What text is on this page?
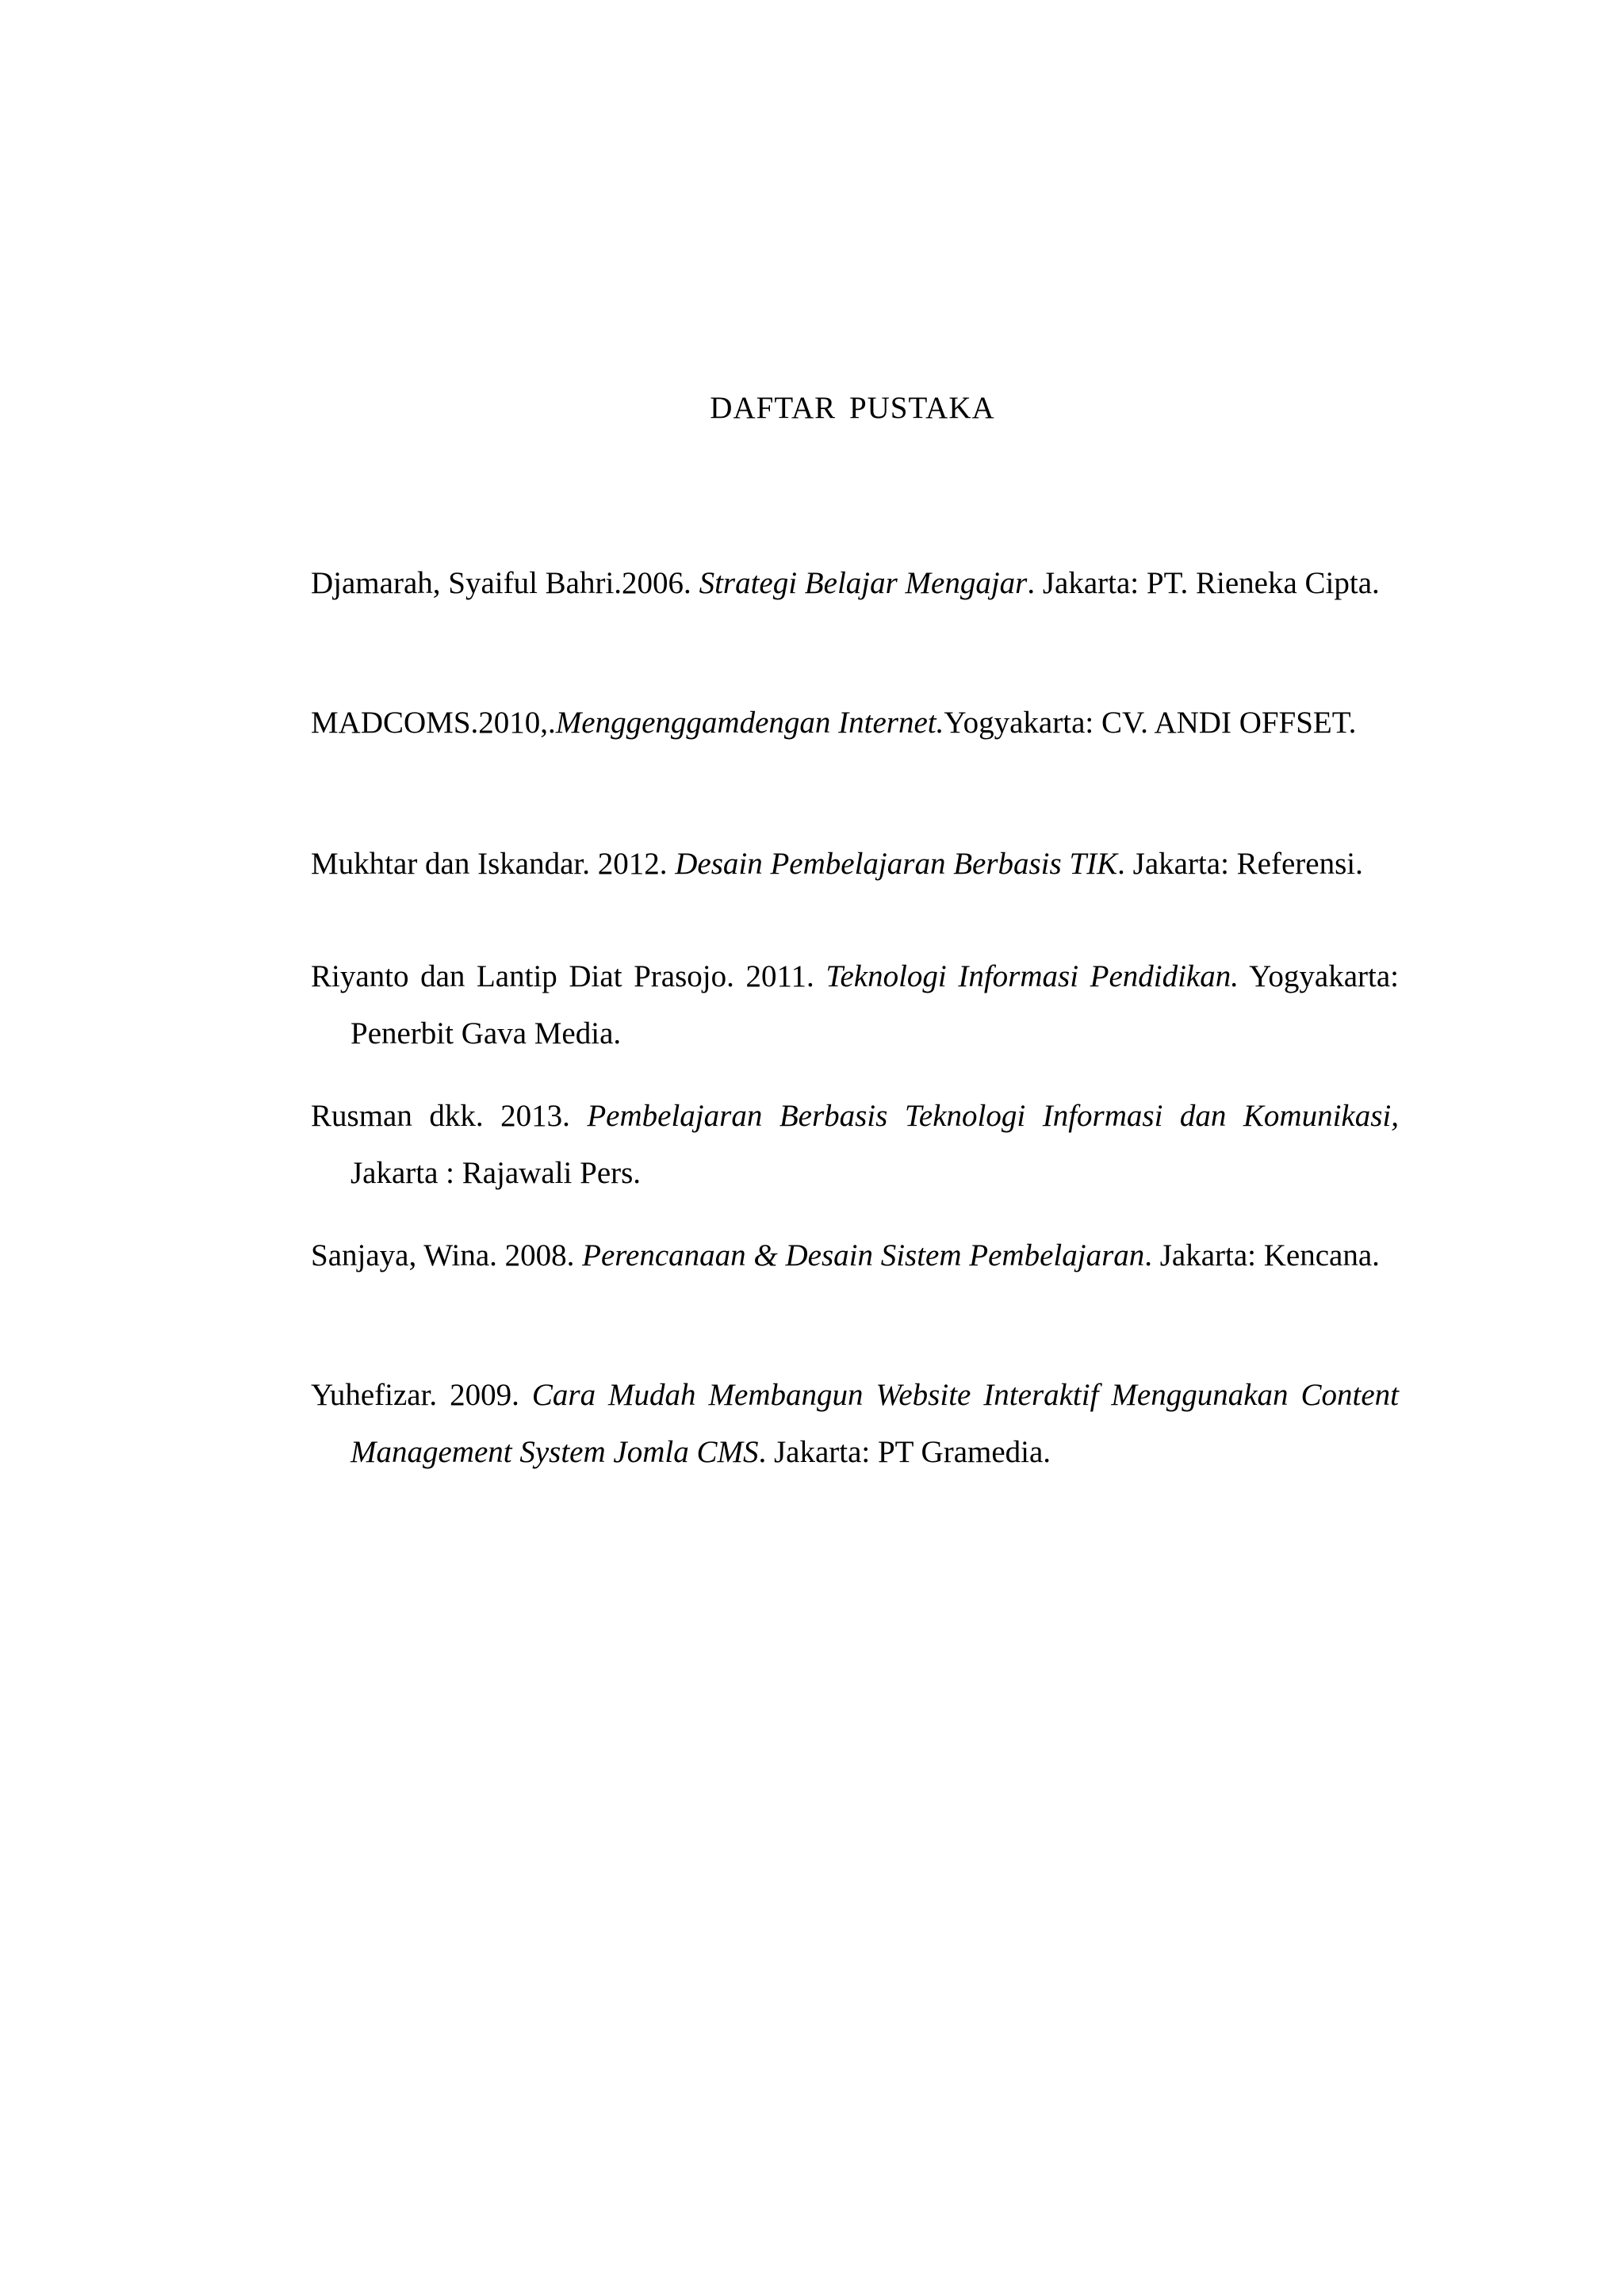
DAFTAR PUSTAKA
Djamarah, Syaiful Bahri.2006. Strategi Belajar Mengajar. Jakarta: PT. Rieneka Cipta.
MADCOMS.2010,.Menggenggamdengan Internet.Yogyakarta: CV. ANDI OFFSET.
Mukhtar dan Iskandar. 2012. Desain Pembelajaran Berbasis TIK. Jakarta: Referensi.
Riyanto dan Lantip Diat Prasojo. 2011. Teknologi Informasi Pendidikan. Yogyakarta: Penerbit Gava Media.
Rusman dkk. 2013. Pembelajaran Berbasis Teknologi Informasi dan Komunikasi, Jakarta : Rajawali Pers.
Sanjaya, Wina. 2008. Perencanaan & Desain Sistem Pembelajaran. Jakarta: Kencana.
Yuhefizar. 2009. Cara Mudah Membangun Website Interaktif Menggunakan Content Management System Jomla CMS. Jakarta: PT Gramedia.
